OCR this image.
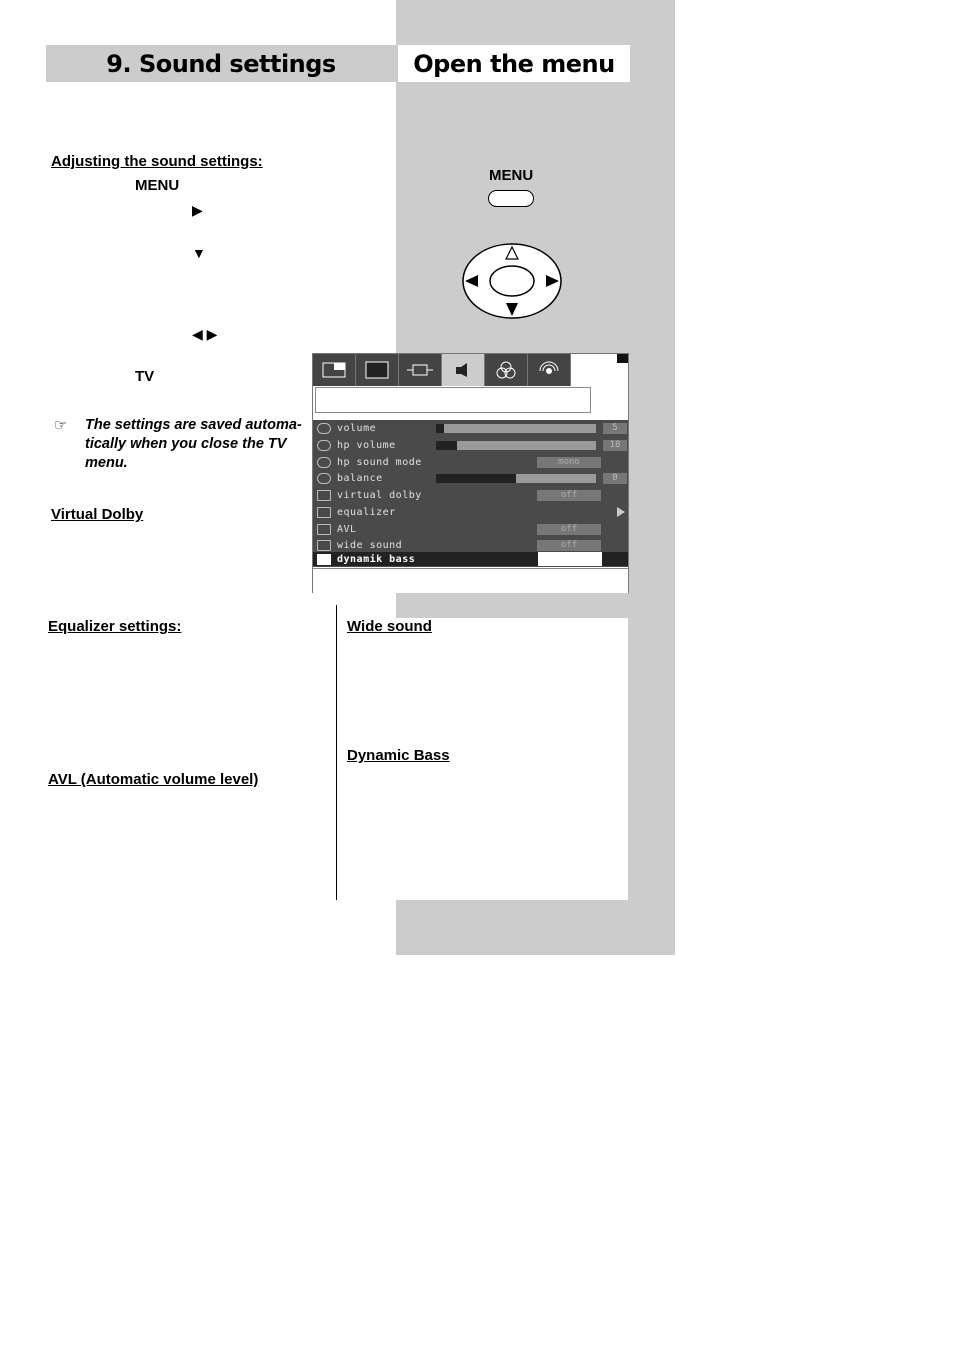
9. Sound settings	Open the menu
Adjusting the sound settings:
MENU
▶
▼
◀ ▶
TV
☞ The settings are saved automa-
tically when you close the TV
menu.
Virtual Dolby
Equalizer settings:
AVL (Automatic volume level)
MENU
volume	5
hp volume	18
hp sound mode	mono
balance	0
virtual dolby	off
equalizer
AVL	off
wide sound	off
dynamik bass
Wide sound
Dynamic Bass
